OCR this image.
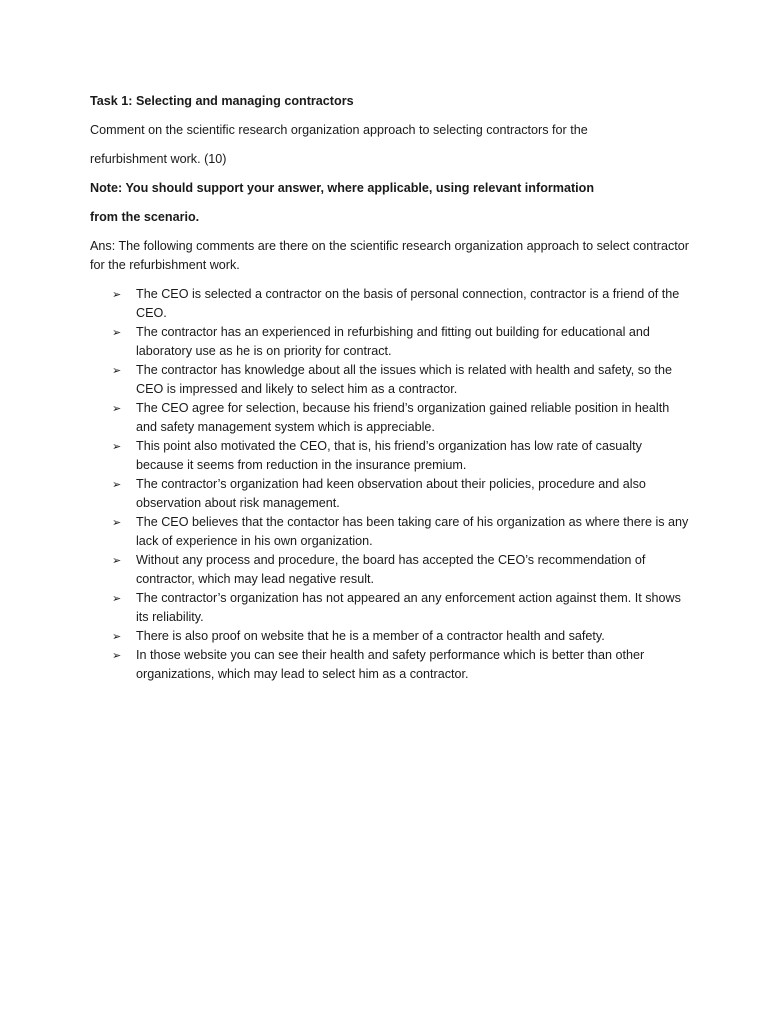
Task 1: Selecting and managing contractors

Comment on the scientific research organization approach to selecting contractors for the

refurbishment work. (10)

Note: You should support your answer, where applicable, using relevant information

from the scenario.

Ans: The following comments are there on the scientific research organization approach to select contractor for the refurbishment work.

➢ The CEO is selected a contractor on the basis of personal connection, contractor is a friend of the CEO.
➢ The contractor has an experienced in refurbishing and fitting out building for educational and laboratory use as he is on priority for contract.
➢ The contractor has knowledge about all the issues which is related with health and safety, so the CEO is impressed and likely to select him as a contractor.
➢ The CEO agree for selection, because his friend’s organization gained reliable position in health and safety management system which is appreciable.
➢ This point also motivated the CEO, that is, his friend’s organization has low rate of casualty because it seems from reduction in the insurance premium.
➢ The contractor’s organization had keen observation about their policies, procedure and also observation about risk management.
➢ The CEO believes that the contactor has been taking care of his organization as where there is any lack of experience in his own organization.
➢ Without any process and procedure, the board has accepted the CEO’s recommendation of contractor, which may lead negative result.
➢ The contractor’s organization has not appeared an any enforcement action against them. It shows its reliability.
➢ There is also proof on website that he is a member of a contractor health and safety.
➢ In those website you can see their health and safety performance which is better than other organizations, which may lead to select him as a contractor.
